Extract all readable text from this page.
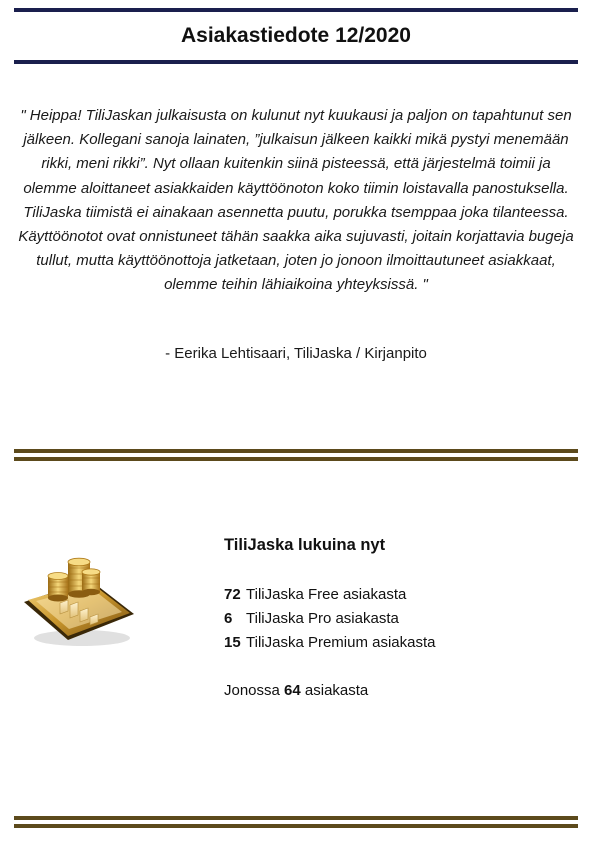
Asiakastiedote 12/2020
" Heippa! TiliJaskan julkaisusta on kulunut nyt kuukausi ja paljon on tapahtunut sen jälkeen. Kollegani sanoja lainaten, ”julkaisun jälkeen kaikki mikä pystyi menemään rikki, meni rikki”. Nyt ollaan kuitenkin siinä pisteessä, että järjestelmä toimii ja olemme aloittaneet asiakkaiden käyttöönoton koko tiimin loistavalla panostuksella. TiliJaska tiimistä ei ainakaan asennetta puutu, porukka tsemppaa joka tilanteessa. Käyttöönotot ovat onnistuneet tähän saakka aika sujuvasti, joitain korjattavia bugeja tullut, mutta käyttöönottoja jatketaan, joten jo jonoon ilmoittautuneet asiakkaat, olemme teihin lähiaikoina yhteyksissä. "
- Eerika Lehtisaari, TiliJaska / Kirjanpito
TiliJaska lukuina nyt
72 TiliJaska Free asiakasta
6 TiliJaska Pro asiakasta
15 TiliJaska Premium asiakasta
Jonossa 64 asiakasta
